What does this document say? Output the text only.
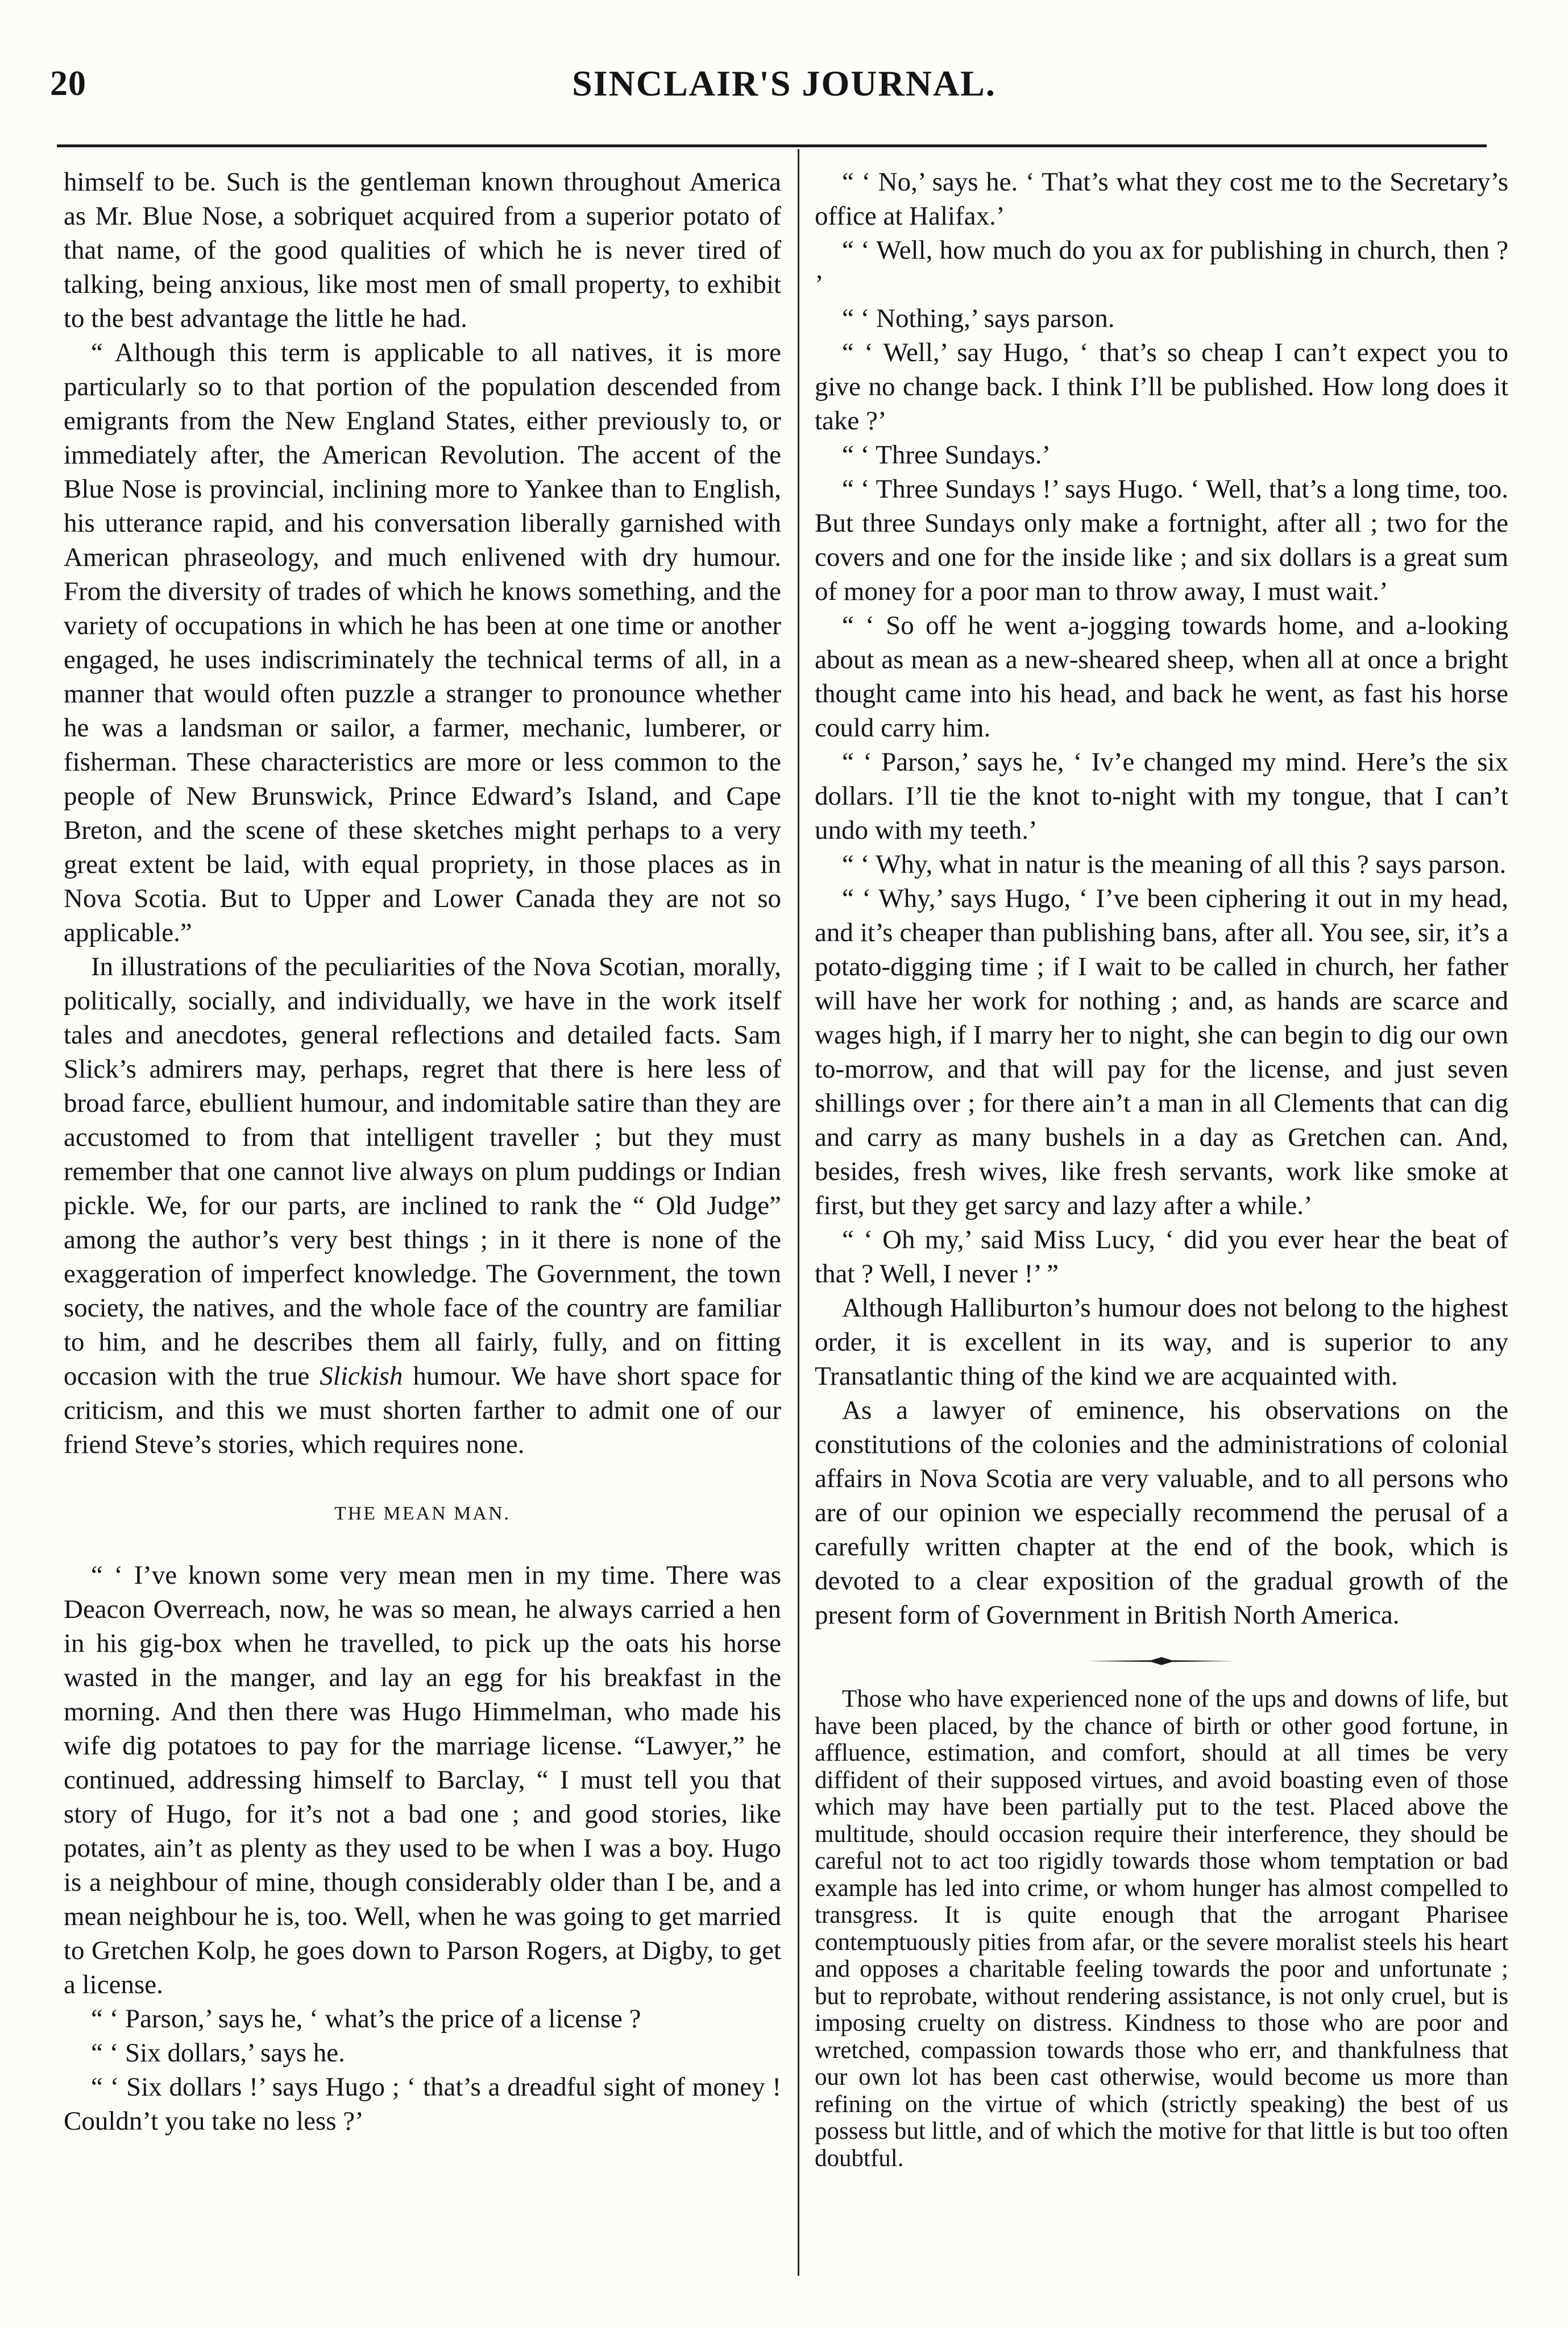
20	SINCLAIR'S JOURNAL.

himself to be. Such is the gentleman known throughout America as Mr. Blue Nose, a sobriquet acquired from a superior potato of that name, of the good qualities of which he is never tired of talking, being anxious, like most men of small property, to exhibit to the best advantage the little he had.

“ Although this term is applicable to all natives, it is more particularly so to that portion of the population descended from emigrants from the New England States, either previously to, or immediately after, the American Revolution. The accent of the Blue Nose is provincial, inclining more to Yankee than to English, his utterance rapid, and his conversation liberally garnished with American phraseology, and much enlivened with dry humour. From the diversity of trades of which he knows something, and the variety of occupations in which he has been at one time or another engaged, he uses indiscriminately the technical terms of all, in a manner that would often puzzle a stranger to pronounce whether he was a landsman or sailor, a farmer, mechanic, lumberer, or fisherman. These characteristics are more or less common to the people of New Brunswick, Prince Edward’s Island, and Cape Breton, and the scene of these sketches might perhaps to a very great extent be laid, with equal propriety, in those places as in Nova Scotia. But to Upper and Lower Canada they are not so applicable.”

In illustrations of the peculiarities of the Nova Scotian, morally, politically, socially, and individually, we have in the work itself tales and anecdotes, general reflections and detailed facts. Sam Slick’s admirers may, perhaps, regret that there is here less of broad farce, ebullient humour, and indomitable satire than they are accustomed to from that intelligent traveller ; but they must remember that one cannot live always on plum puddings or Indian pickle. We, for our parts, are inclined to rank the “ Old Judge” among the author’s very best things ; in it there is none of the exaggeration of imperfect knowledge. The Government, the town society, the natives, and the whole face of the country are familiar to him, and he describes them all fairly, fully, and on fitting occasion with the true Slickish humour. We have short space for criticism, and this we must shorten farther to admit one of our friend Steve’s stories, which requires none.

THE MEAN MAN.

“ ‘ I’ve known some very mean men in my time. There was Deacon Overreach, now, he was so mean, he always carried a hen in his gig-box when he travelled, to pick up the oats his horse wasted in the manger, and lay an egg for his breakfast in the morning. And then there was Hugo Himmelman, who made his wife dig potatoes to pay for the marriage license. “Lawyer,” he continued, addressing himself to Barclay, “ I must tell you that story of Hugo, for it’s not a bad one ; and good stories, like potates, ain’t as plenty as they used to be when I was a boy. Hugo is a neighbour of mine, though considerably older than I be, and a mean neighbour he is, too. Well, when he was going to get married to Gretchen Kolp, he goes down to Parson Rogers, at Digby, to get a license.

“ ‘ Parson,’ says he, ‘ what’s the price of a license ?

“ ‘ Six dollars,’ says he.

“ ‘ Six dollars !’ says Hugo ; ‘ that’s a dreadful sight of money ! Couldn’t you take no less ?’

“ ‘ No,’ says he. ‘ That’s what they cost me to the Secretary’s office at Halifax.’

“ ‘ Well, how much do you ax for publishing in church, then ? ’

“ ‘ Nothing,’ says parson.

“ ‘ Well,’ say Hugo, ‘ that’s so cheap I can’t expect you to give no change back. I think I’ll be published. How long does it take ?’

“ ‘ Three Sundays.’

“ ‘ Three Sundays !’ says Hugo. ‘ Well, that’s a long time, too. But three Sundays only make a fortnight, after all ; two for the covers and one for the inside like ; and six dollars is a great sum of money for a poor man to throw away, I must wait.’

“ ‘ So off he went a-jogging towards home, and a-looking about as mean as a new-sheared sheep, when all at once a bright thought came into his head, and back he went, as fast his horse could carry him.

“ ‘ Parson,’ says he, ‘ Iv’e changed my mind. Here’s the six dollars. I’ll tie the knot to-night with my tongue, that I can’t undo with my teeth.’

“ ‘ Why, what in natur is the meaning of all this ? says parson.

“ ‘ Why,’ says Hugo, ‘ I’ve been ciphering it out in my head, and it’s cheaper than publishing bans, after all. You see, sir, it’s a potato-digging time ; if I wait to be called in church, her father will have her work for nothing ; and, as hands are scarce and wages high, if I marry her to night, she can begin to dig our own to-morrow, and that will pay for the license, and just seven shillings over ; for there ain’t a man in all Clements that can dig and carry as many bushels in a day as Gretchen can. And, besides, fresh wives, like fresh servants, work like smoke at first, but they get sarcy and lazy after a while.’

“ ‘ Oh my,’ said Miss Lucy, ‘ did you ever hear the beat of that ? Well, I never !’ ”

Although Halliburton’s humour does not belong to the highest order, it is excellent in its way, and is superior to any Transatlantic thing of the kind we are acquainted with.

As a lawyer of eminence, his observations on the constitutions of the colonies and the administrations of colonial affairs in Nova Scotia are very valuable, and to all persons who are of our opinion we especially recommend the perusal of a carefully written chapter at the end of the book, which is devoted to a clear exposition of the gradual growth of the present form of Government in British North America.

Those who have experienced none of the ups and downs of life, but have been placed, by the chance of birth or other good fortune, in affluence, estimation, and comfort, should at all times be very diffident of their supposed virtues, and avoid boasting even of those which may have been partially put to the test. Placed above the multitude, should occasion require their interference, they should be careful not to act too rigidly towards those whom temptation or bad example has led into crime, or whom hunger has almost compelled to transgress. It is quite enough that the arrogant Pharisee contemptuously pities from afar, or the severe moralist steels his heart and opposes a charitable feeling towards the poor and unfortunate ; but to reprobate, without rendering assistance, is not only cruel, but is imposing cruelty on distress. Kindness to those who are poor and wretched, compassion towards those who err, and thankfulness that our own lot has been cast otherwise, would become us more than refining on the virtue of which (strictly speaking) the best of us possess but little, and of which the motive for that little is but too often doubtful.
